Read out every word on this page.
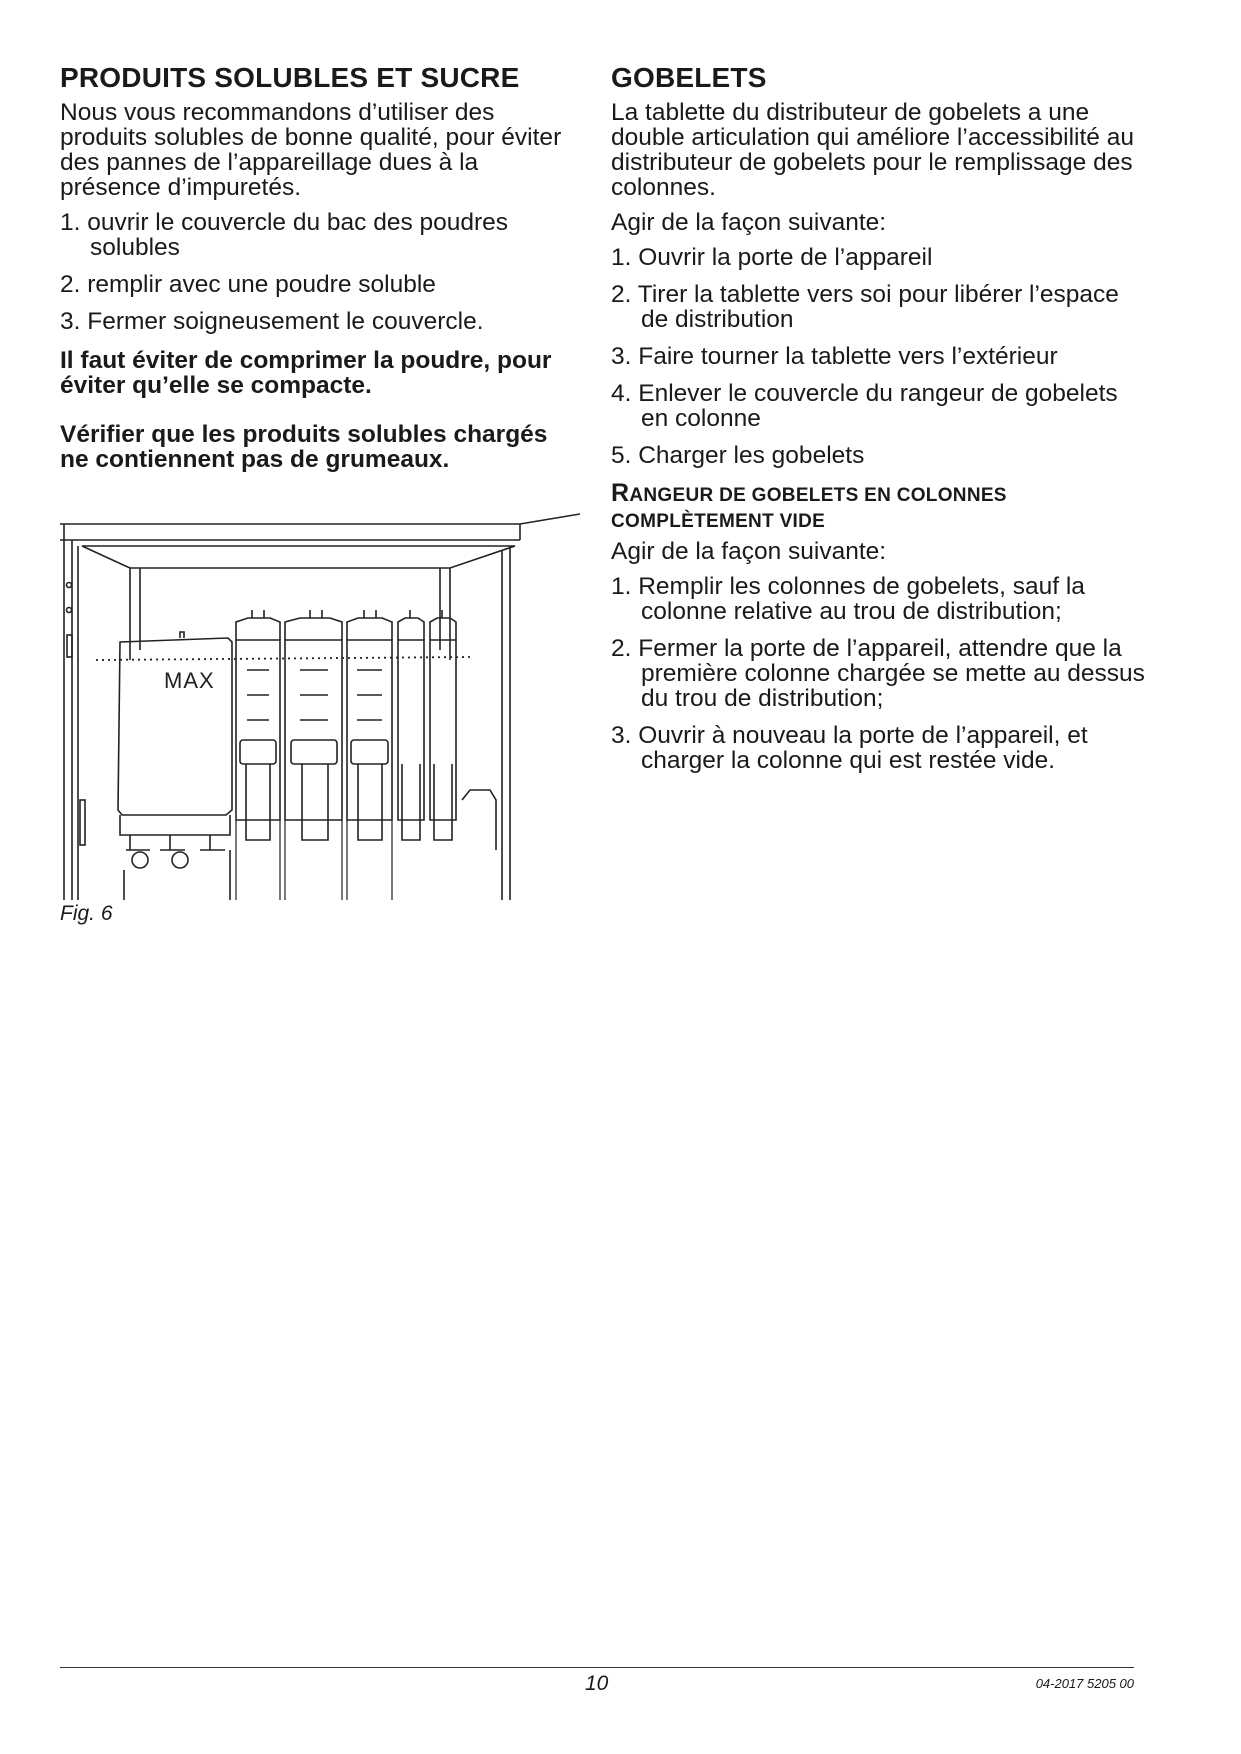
PRODUITS SOLUBLES ET SUCRE

Nous vous recommandons d’utiliser des produits solubles de bonne qualité, pour éviter des pannes de l’appareillage dues à la présence d’impuretés.

1. ouvrir le couvercle du bac des poudres solubles
2. remplir avec une poudre soluble
3. Fermer soigneusement le couvercle.
Il faut éviter de comprimer la poudre, pour éviter qu’elle se compacte.
Vérifier que les produits solubles chargés ne contiennent pas de grumeaux.
MAX
Fig. 6
GOBELETS

La tablette du distributeur de gobelets a une double articulation qui améliore l’accessibilité au distributeur de gobelets pour le remplissage des colonnes.

Agir de la façon suivante:

1. Ouvrir la porte de l’appareil
2. Tirer la tablette vers soi pour libérer l’espace de distribution
3. Faire tourner la tablette vers l’extérieur
4. Enlever le couvercle du rangeur de gobelets en colonne
5. Charger les gobelets
RANGEUR DE GOBELETS EN COLONNES COMPLÈTEMENT VIDE

Agir de la façon suivante:

1. Remplir les colonnes de gobelets, sauf la colonne relative au trou de distribution;
2. Fermer la porte de l’appareil, attendre que la première colonne chargée se mette au dessus du trou de distribution;
3. Ouvrir à nouveau la porte de l’appareil, et charger la colonne qui est restée vide.
10	04-2017 5205 00
